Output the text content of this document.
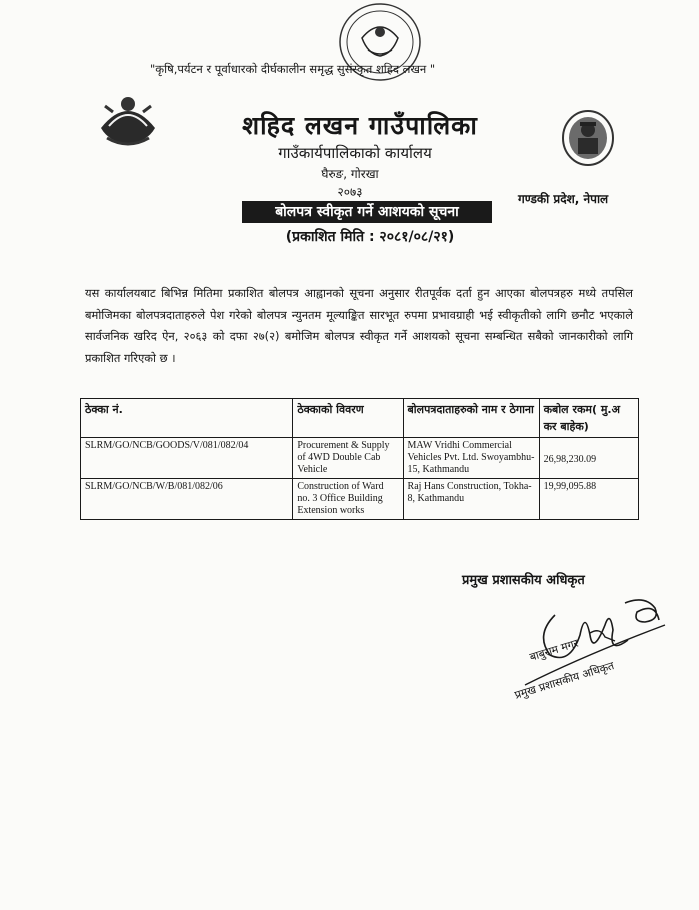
"कृषि,पर्यटन र पूर्वाधारको दीर्घकालीन समृद्ध सुसंस्कृत शहिद लखन "
शहिद लखन गाउँपालिका
गाउँकार्यपालिकाको कार्यालय
घैरुङ, गोरखा
२०७३	गण्डकी प्रदेश, नेपाल
बोलपत्र स्वीकृत गर्ने आशयको सूचना
(प्रकाशित मिति : २०८१/०८/२१)
यस कार्यालयबाट बिभिन्न मितिमा प्रकाशित बोलपत्र आह्वानको सूचना अनुसार रीतपूर्वक दर्ता हुन आएका बोलपत्रहरु मध्ये तपसिल बमोजिमका बोलपत्रदाताहरुले पेश गरेको बोलपत्र न्युनतम मूल्याङ्कित सारभूत रुपमा प्रभावग्राही भई स्वीकृतीको लागि छनौट भएकाले सार्वजनिक खरिद ऐन, २०६३ को दफा २७(२) बमोजिम बोलपत्र स्वीकृत गर्ने आशयको सूचना सम्बन्धित सबैको जानकारीको लागि प्रकाशित गरिएको छ ।
ठेक्का नं.	ठेक्काको विवरण	बोलपत्रदाताहरुको नाम र ठेगाना	कबोल रकम( मु.अ कर बाहेक)
SLRM/GO/NCB/GOODS/V/081/082/04	Procurement & Supply of 4WD Double Cab Vehicle	MAW Vridhi Commercial Vehicles Pvt. Ltd. Swoyambhu-15, Kathmandu	26,98,230.09
SLRM/GO/NCB/W/B/081/082/06	Construction of Ward no. 3 Office Building Extension works	Raj Hans Construction, Tokha-8, Kathmandu	19,99,095.88
प्रमुख प्रशासकीय अधिकृत
बाबुराम मगर
प्रमुख प्रशासकीय अधिकृत
